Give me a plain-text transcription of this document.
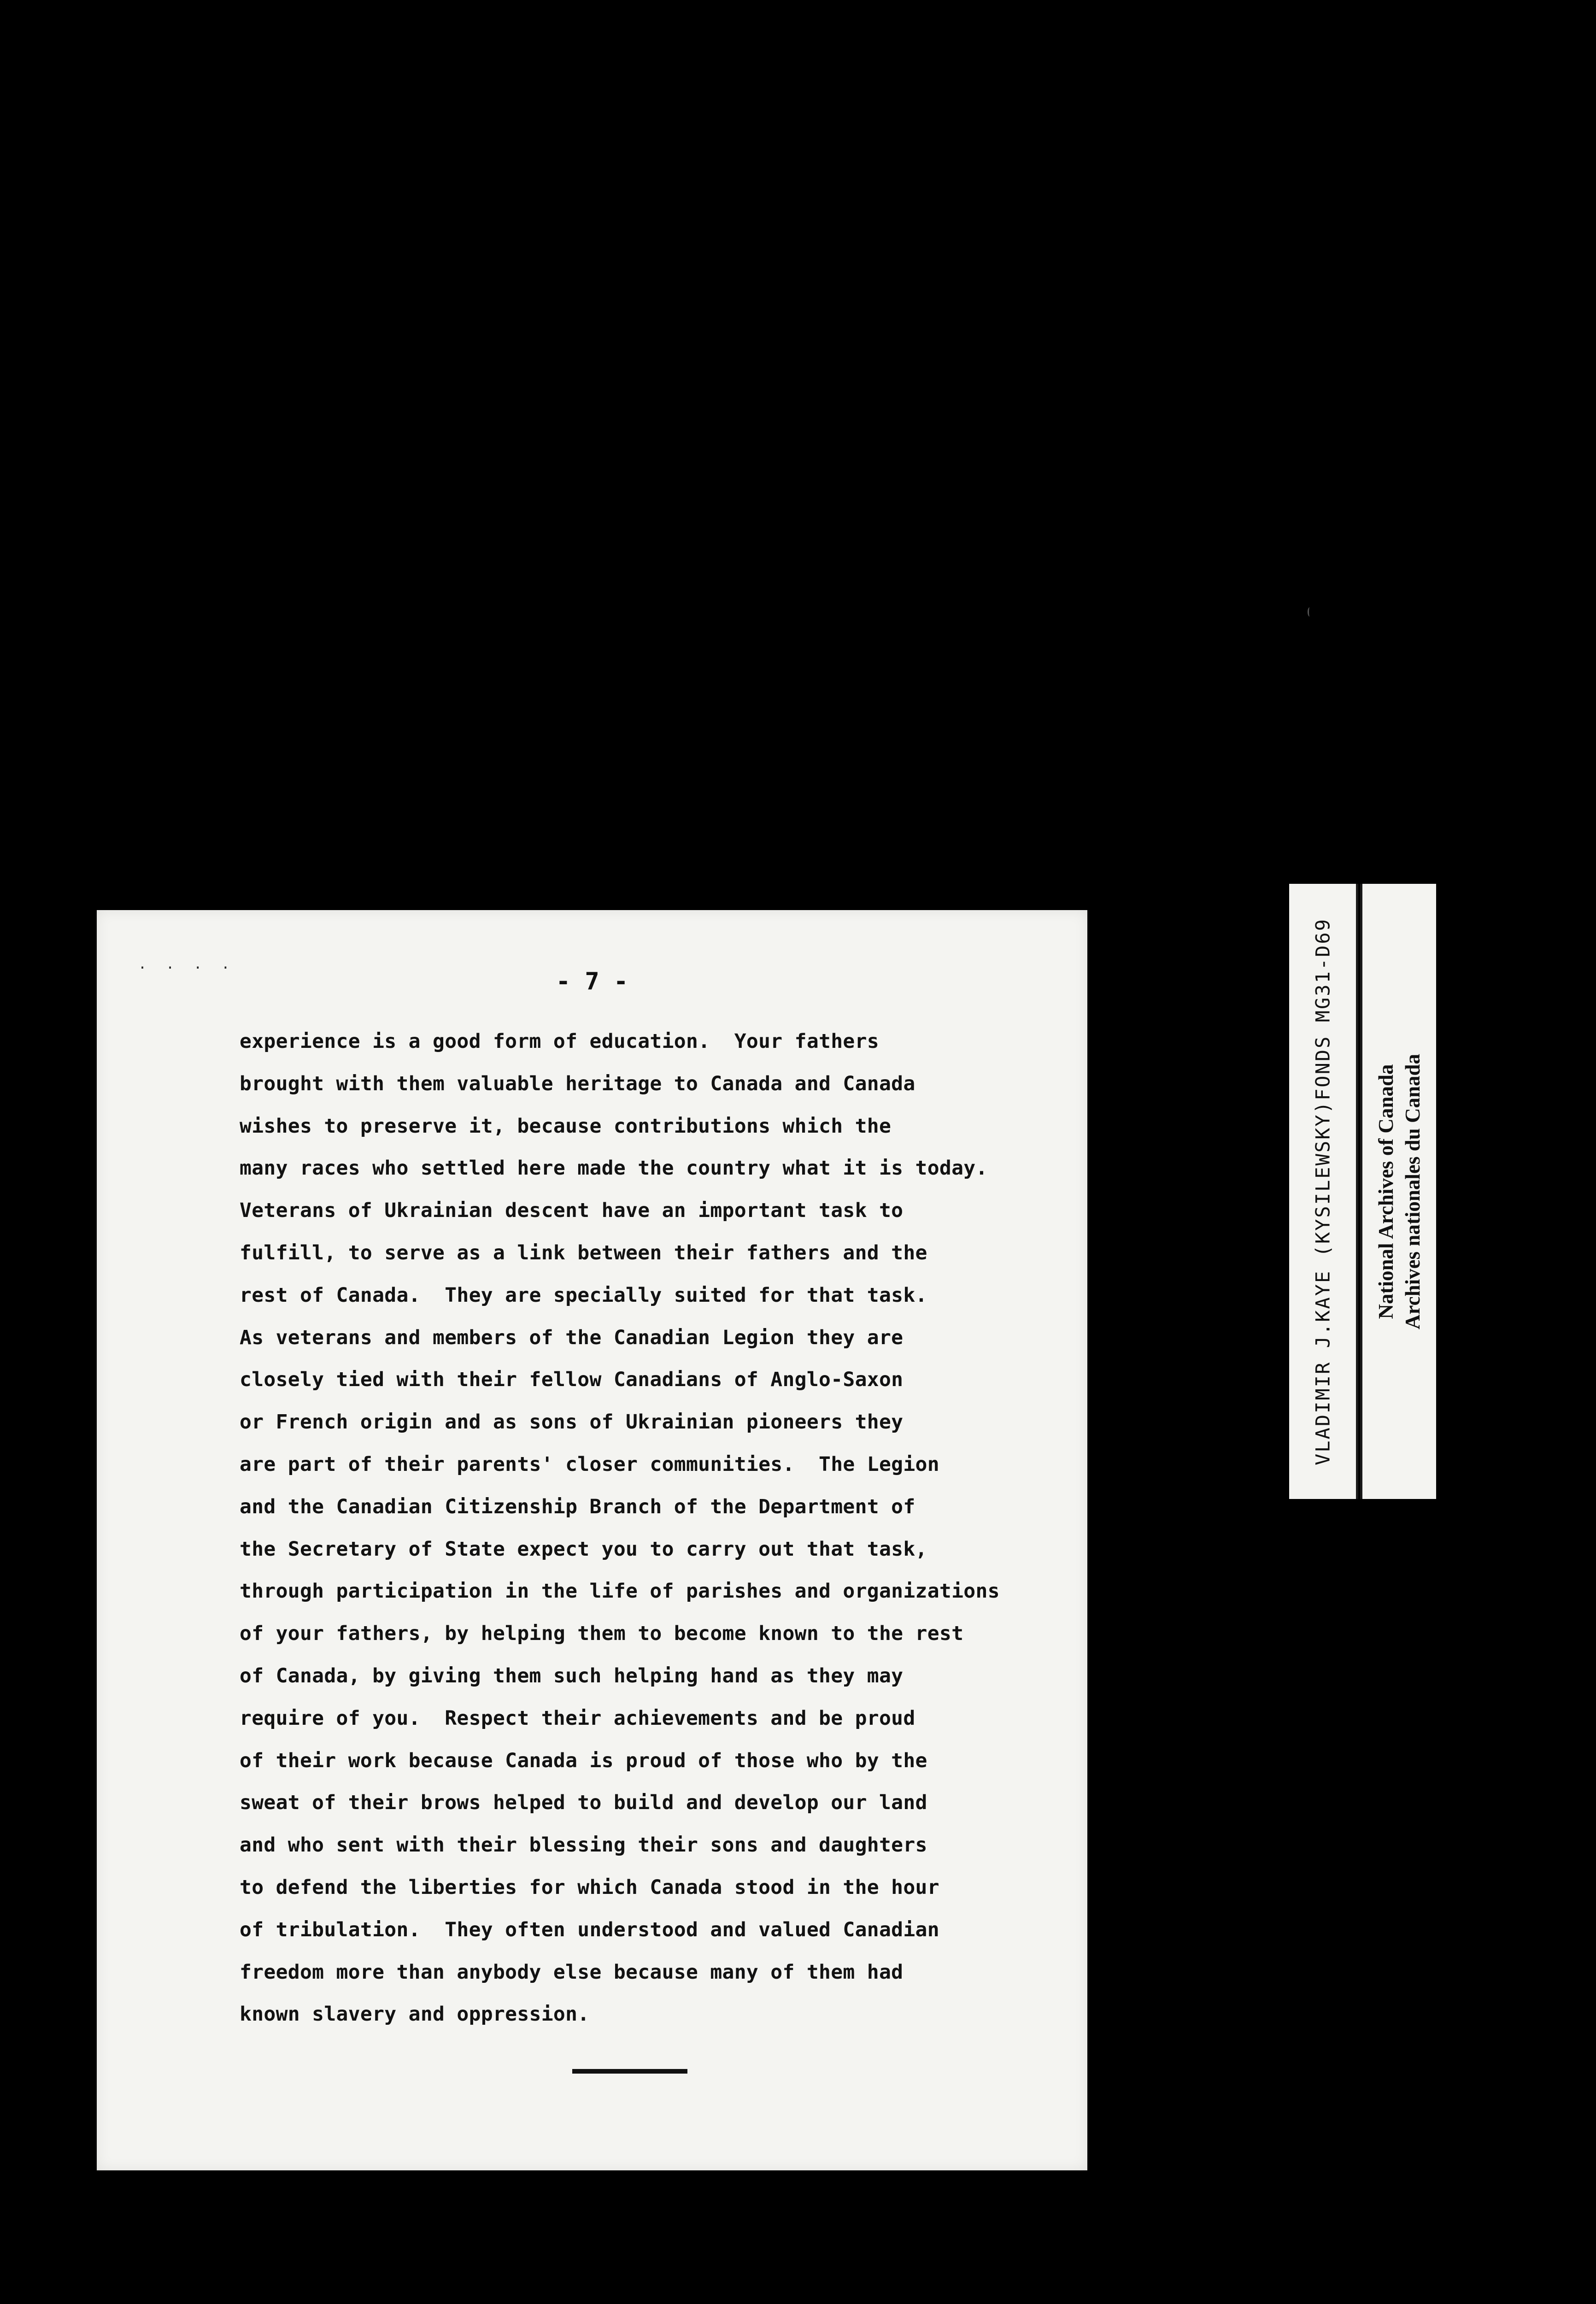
. . . .
- 7 -
experience is a good form of education.  Your fathers
brought with them valuable heritage to Canada and Canada
wishes to preserve it, because contributions which the
many races who settled here made the country what it is today.
Veterans of Ukrainian descent have an important task to
fulfill, to serve as a link between their fathers and the
rest of Canada.  They are specially suited for that task.
As veterans and members of the Canadian Legion they are
closely tied with their fellow Canadians of Anglo-Saxon
or French origin and as sons of Ukrainian pioneers they
are part of their parents' closer communities.  The Legion
and the Canadian Citizenship Branch of the Department of
the Secretary of State expect you to carry out that task,
through participation in the life of parishes and organizations
of your fathers, by helping them to become known to the rest
of Canada, by giving them such helping hand as they may
require of you.  Respect their achievements and be proud
of their work because Canada is proud of those who by the
sweat of their brows helped to build and develop our land
and who sent with their blessing their sons and daughters
to defend the liberties for which Canada stood in the hour
of tribulation.  They often understood and valued Canadian
freedom more than anybody else because many of them had
known slavery and oppression.
VLADIMIR J.KAYE (KYSILEWSKY)FONDS MG31-D69 National Archives of Canada Archives nationales du Canada
